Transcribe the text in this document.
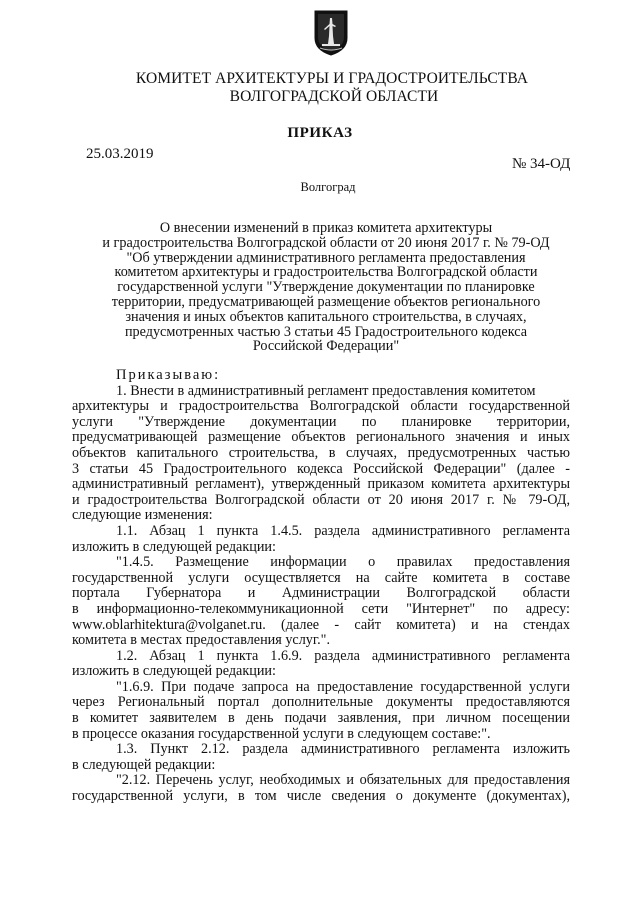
КОМИТЕТ АРХИТЕКТУРЫ И ГРАДОСТРОИТЕЛЬСТВА
ВОЛГОГРАДСКОЙ ОБЛАСТИ
ПРИКАЗ
25.03.2019
№ 34-ОД
Волгоград
О внесении изменений в приказ комитета архитектуры
и градостроительства Волгоградской области от 20 июня 2017 г. № 79-ОД
"Об утверждении административного регламента предоставления
комитетом архитектуры и градостроительства Волгоградской области
государственной услуги "Утверждение документации по планировке
территории, предусматривающей размещение объектов регионального
значения и иных объектов капитального строительства, в случаях,
предусмотренных частью 3 статьи 45 Градостроительного кодекса
Российской Федерации"
Приказываю:
1. Внести в административный регламент предоставления комитетом
архитектуры и градостроительства Волгоградской области государственной
услуги "Утверждение документации по планировке территории,
предусматривающей размещение объектов регионального значения и иных
объектов капитального строительства, в случаях, предусмотренных частью
3 статьи 45 Градостроительного кодекса Российской Федерации" (далее -
административный регламент), утвержденный приказом комитета архитектуры
и градостроительства Волгоградской области от 20 июня 2017 г. № 79-ОД,
следующие изменения:
1.1. Абзац 1 пункта 1.4.5. раздела административного регламента
изложить в следующей редакции:
"1.4.5. Размещение информации о правилах предоставления
государственной услуги осуществляется на сайте комитета в составе
портала Губернатора и Администрации Волгоградской области
в информационно-телекоммуникационной сети "Интернет" по адресу:
www.oblarhitektura@volganet.ru. (далее - сайт комитета) и на стендах
комитета в местах предоставления услуг.".
1.2. Абзац 1 пункта 1.6.9. раздела административного регламента
изложить в следующей редакции:
"1.6.9. При подаче запроса на предоставление государственной услуги
через Региональный портал дополнительные документы предоставляются
в комитет заявителем в день подачи заявления, при личном посещении
в процессе оказания государственной услуги в следующем составе:".
1.3. Пункт 2.12. раздела административного регламента изложить
в следующей редакции:
"2.12. Перечень услуг, необходимых и обязательных для предоставления
государственной услуги, в том числе сведения о документе (документах),
